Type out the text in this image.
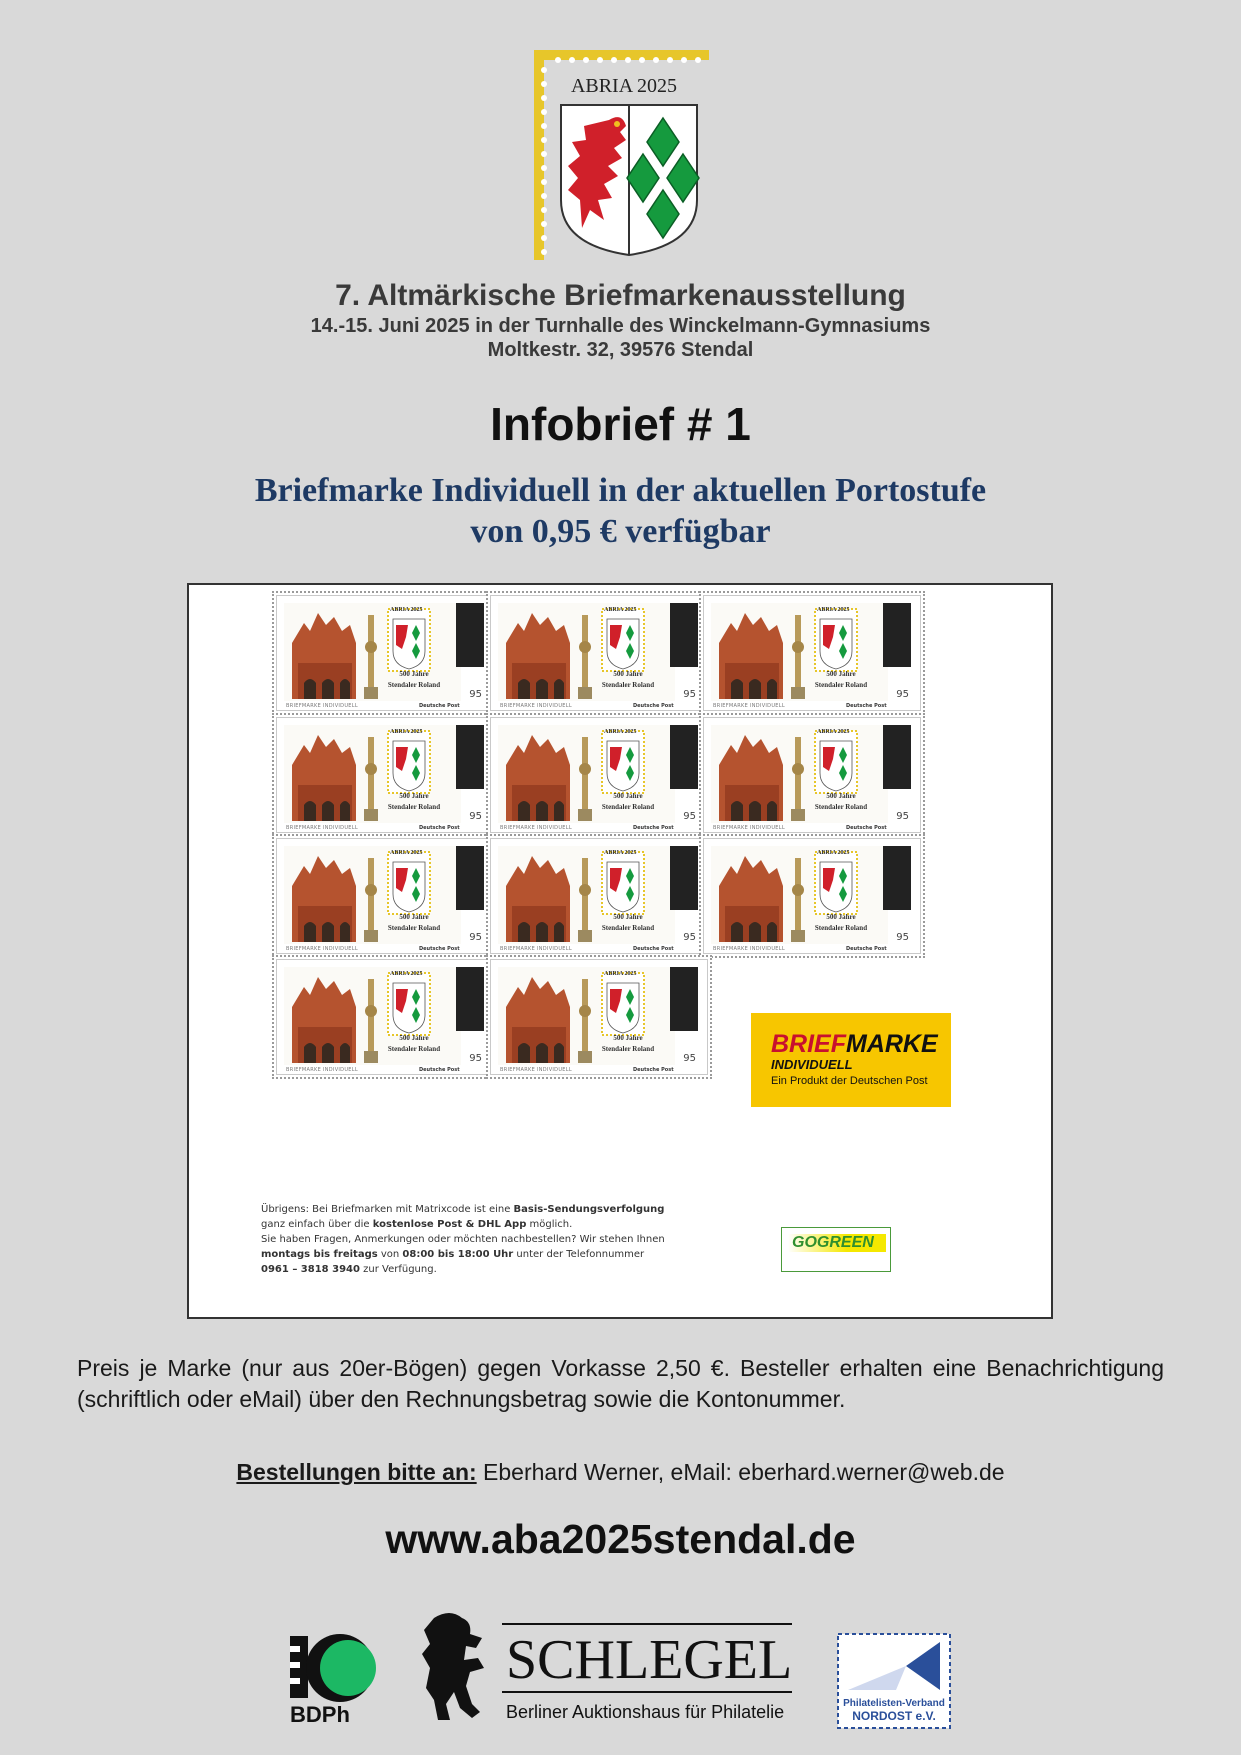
ABRIA 2025
7. Altmärkische Briefmarkenausstellung
14.-15. Juni 2025 in der Turnhalle des Winckelmann-Gymnasiums
Moltkestr. 32, 39576 Stendal
Infobrief # 1
Briefmarke Individuell in der aktuellen Portostufe
von 0,95 € verfügbar
ABRIA 2025
500 Jahre
Stendaler Roland
95
BRIEFMARKE INDIVIDUELL	Deutsche Post
ABRIA 2025
500 Jahre
Stendaler Roland
95
BRIEFMARKE INDIVIDUELL	Deutsche Post
ABRIA 2025
500 Jahre
Stendaler Roland
95
BRIEFMARKE INDIVIDUELL	Deutsche Post
ABRIA 2025
500 Jahre
Stendaler Roland
95
BRIEFMARKE INDIVIDUELL	Deutsche Post
ABRIA 2025
500 Jahre
Stendaler Roland
95
BRIEFMARKE INDIVIDUELL	Deutsche Post
ABRIA 2025
500 Jahre
Stendaler Roland
95
BRIEFMARKE INDIVIDUELL	Deutsche Post
ABRIA 2025
500 Jahre
Stendaler Roland
95
BRIEFMARKE INDIVIDUELL	Deutsche Post
ABRIA 2025
500 Jahre
Stendaler Roland
95
BRIEFMARKE INDIVIDUELL	Deutsche Post
ABRIA 2025
500 Jahre
Stendaler Roland
95
BRIEFMARKE INDIVIDUELL	Deutsche Post
ABRIA 2025
500 Jahre
Stendaler Roland
95
BRIEFMARKE INDIVIDUELL	Deutsche Post
ABRIA 2025
500 Jahre
Stendaler Roland
95
BRIEFMARKE INDIVIDUELL	Deutsche Post
BRIEFMARKE
INDIVIDUELL
Ein Produkt der Deutschen Post
Übrigens: Bei Briefmarken mit Matrixcode ist eine Basis-Sendungsverfolgung ganz einfach über die kostenlose Post & DHL App möglich.
Sie haben Fragen, Anmerkungen oder möchten nachbestellen? Wir stehen Ihnen montags bis freitags von 08:00 bis 18:00 Uhr unter der Telefonnummer
0961 – 3818 3940 zur Verfügung.
GOGREEN
Preis je Marke (nur aus 20er-Bögen) gegen Vorkasse 2,50 €. Besteller erhalten eine Benachrichtigung (schriftlich oder eMail) über den Rechnungsbetrag sowie die Kontonummer.
Bestellungen bitte an: Eberhard Werner, eMail: eberhard.werner@web.de
www.aba2025stendal.de
BDPh
SCHLEGEL
Berliner Auktionshaus für Philatelie	Philatelisten-Verband
NORDOST e.V.
